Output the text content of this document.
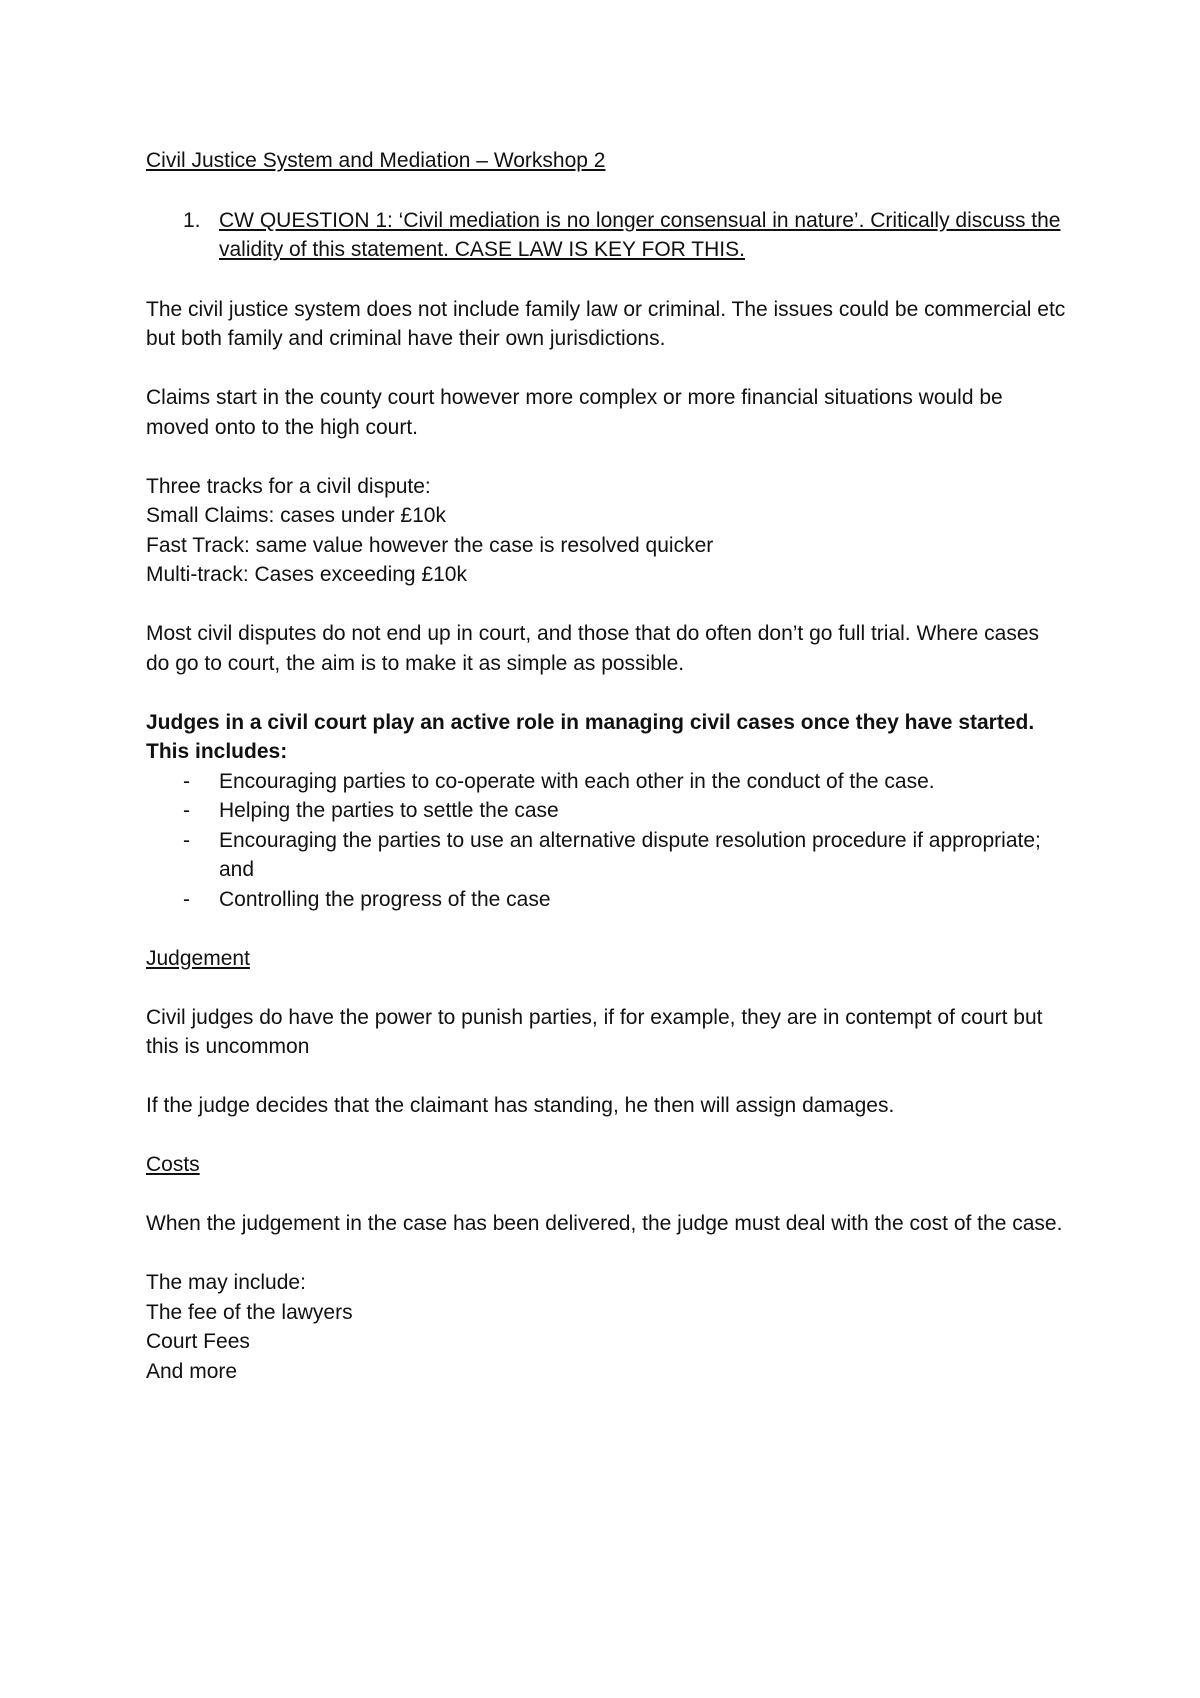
Civil Justice System and Mediation – Workshop 2

1. CW QUESTION 1: ‘Civil mediation is no longer consensual in nature’. Critically discuss the validity of this statement. CASE LAW IS KEY FOR THIS.

The civil justice system does not include family law or criminal. The issues could be commercial etc but both family and criminal have their own jurisdictions.

Claims start in the county court however more complex or more financial situations would be moved onto to the high court.

Three tracks for a civil dispute:

Small Claims: cases under £10k

Fast Track: same value however the case is resolved quicker

Multi-track: Cases exceeding £10k

Most civil disputes do not end up in court, and those that do often don’t go full trial. Where cases do go to court, the aim is to make it as simple as possible.

Judges in a civil court play an active role in managing civil cases once they have started. This includes:

- Encouraging parties to co-operate with each other in the conduct of the case.
- Helping the parties to settle the case
- Encouraging the parties to use an alternative dispute resolution procedure if appropriate; and
- Controlling the progress of the case

Judgement

Civil judges do have the power to punish parties, if for example, they are in contempt of court but this is uncommon

If the judge decides that the claimant has standing, he then will assign damages.

Costs

When the judgement in the case has been delivered, the judge must deal with the cost of the case.

The may include:

The fee of the lawyers

Court Fees

And more
